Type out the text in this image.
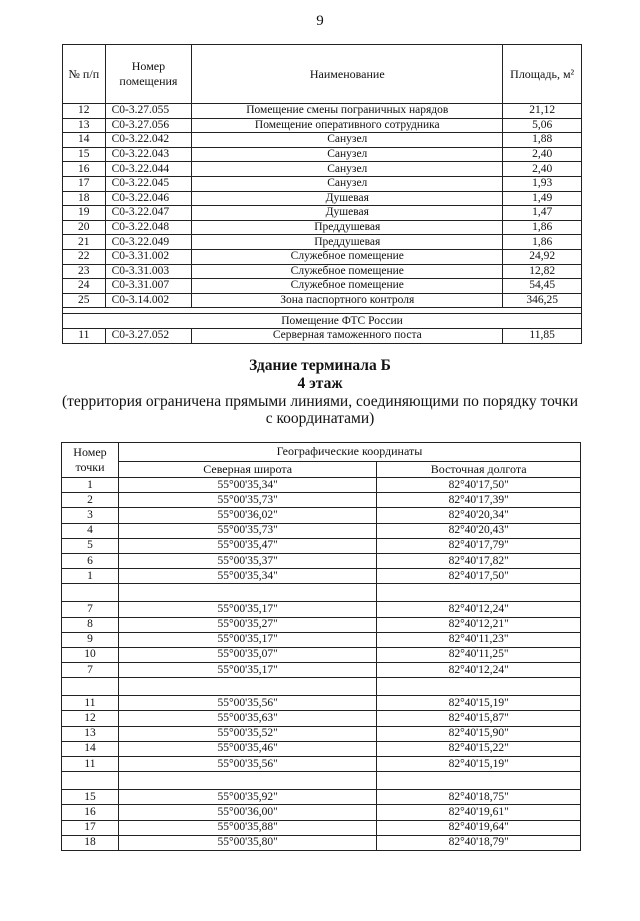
9
№ п/п	Номер помещения	Наименование	Площадь, м²
12	С0-3.27.055	Помещение смены пограничных нарядов	21,12
13	С0-3.27.056	Помещение оперативного сотрудника	5,06
14	С0-3.22.042	Санузел	1,88
15	С0-3.22.043	Санузел	2,40
16	С0-3.22.044	Санузел	2,40
17	С0-3.22.045	Санузел	1,93
18	С0-3.22.046	Душевая	1,49
19	С0-3.22.047	Душевая	1,47
20	С0-3.22.048	Преддушевая	1,86
21	С0-3.22.049	Преддушевая	1,86
22	С0-3.31.002	Служебное помещение	24,92
23	С0-3.31.003	Служебное помещение	12,82
24	С0-3.31.007	Служебное помещение	54,45
25	С0-3.14.002	Зона паспортного контроля	346,25

Помещение ФТС России			
11	С0-3.27.052	Серверная таможенного поста	11,85
Здание терминала Б
4 этаж
(территория ограничена прямыми линиями, соединяющими по порядку точки
с координатами)
Номер точки	Географические координаты	
	Северная широта	Восточная долгота
1	55°00'35,34"	82°40'17,50"
2	55°00'35,73"	82°40'17,39"
3	55°00'36,02"	82°40'20,34"
4	55°00'35,73"	82°40'20,43"
5	55°00'35,47"	82°40'17,79"
6	55°00'35,37"	82°40'17,82"
1	55°00'35,34"	82°40'17,50"

7	55°00'35,17"	82°40'12,24"
8	55°00'35,27"	82°40'12,21"
9	55°00'35,17"	82°40'11,23"
10	55°00'35,07"	82°40'11,25"
7	55°00'35,17"	82°40'12,24"

11	55°00'35,56"	82°40'15,19"
12	55°00'35,63"	82°40'15,87"
13	55°00'35,52"	82°40'15,90"
14	55°00'35,46"	82°40'15,22"
11	55°00'35,56"	82°40'15,19"

15	55°00'35,92"	82°40'18,75"
16	55°00'36,00"	82°40'19,61"
17	55°00'35,88"	82°40'19,64"
18	55°00'35,80"	82°40'18,79"
